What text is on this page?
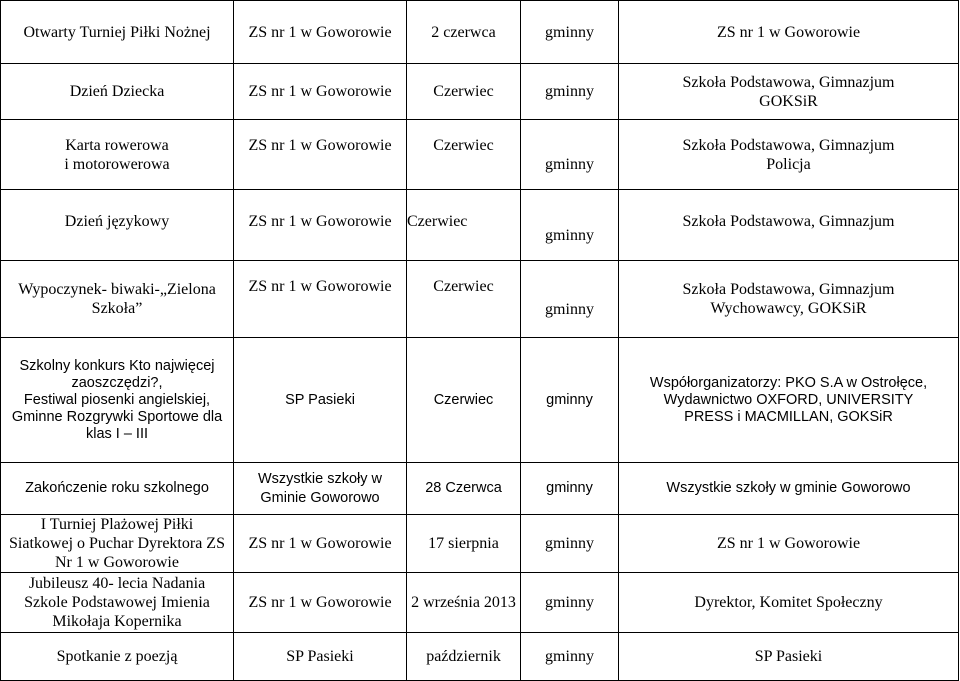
Otwarty Turniej Piłki Nożnej	ZS nr 1 w Goworowie	2 czerwca	gminny	ZS nr 1 w Goworowie

Dzień Dziecka	ZS nr 1 w Goworowie	Czerwiec	gminny	Szkoła Podstawowa, Gimnazjum
GOKSiR

Karta rowerowa
i motorowerowa	ZS nr 1 w Goworowie	Czerwiec	gminny	Szkoła Podstawowa, Gimnazjum
Policja

Dzień językowy	ZS nr 1 w Goworowie	Czerwiec	gminny	Szkoła Podstawowa, Gimnazjum

Wypoczynek- biwaki-„Zielona
Szkoła”	ZS nr 1 w Goworowie	Czerwiec	gminny	Szkoła Podstawowa, Gimnazjum
Wychowawcy, GOKSiR

Szkolny konkurs Kto najwięcej
zaoszczędzi?,
Festiwal piosenki angielskiej,
Gminne Rozgrywki Sportowe dla
klas I – III	SP Pasieki	Czerwiec	gminny	Współorganizatorzy: PKO S.A w Ostrołęce,
Wydawnictwo OXFORD, UNIVERSITY
PRESS i MACMILLAN, GOKSiR

Zakończenie roku szkolnego	Wszystkie szkoły w
Gminie Goworowo	28 Czerwca	gminny	Wszystkie szkoły w gminie Goworowo

I Turniej Plażowej Piłki
Siatkowej o Puchar Dyrektora ZS
Nr 1 w Goworowie	ZS nr 1 w Goworowie	17 sierpnia	gminny	ZS nr 1 w Goworowie

Jubileusz 40- lecia Nadania
Szkole Podstawowej Imienia
Mikołaja Kopernika	ZS nr 1 w Goworowie	2 września 2013	gminny	Dyrektor, Komitet Społeczny

Spotkanie z poezją	SP Pasieki	październik	gminny	SP Pasieki
